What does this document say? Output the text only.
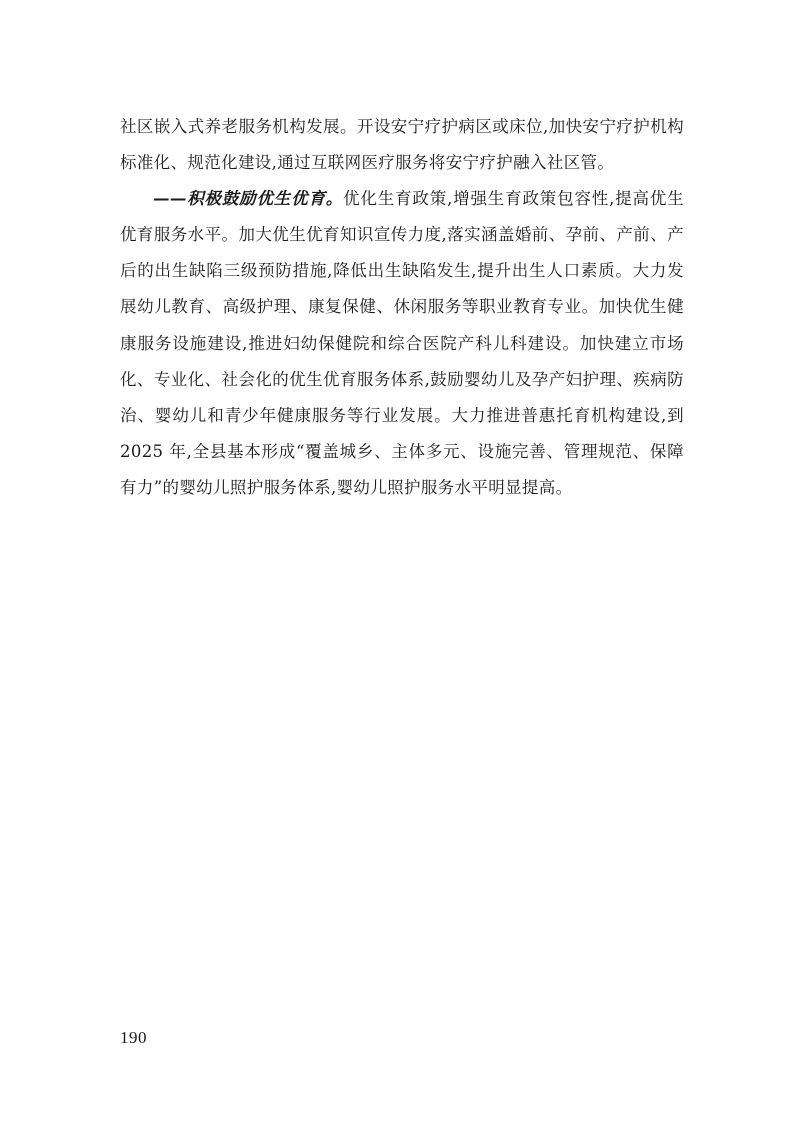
社区嵌入式养老服务机构发展。开设安宁疗护病区或床位,加快安宁疗护机构标准化、规范化建设,通过互联网医疗服务将安宁疗护融入社区管。

——积极鼓励优生优育。优化生育政策,增强生育政策包容性,提高优生优育服务水平。加大优生优育知识宣传力度,落实涵盖婚前、孕前、产前、产后的出生缺陷三级预防措施,降低出生缺陷发生,提升出生人口素质。大力发展幼儿教育、高级护理、康复保健、休闲服务等职业教育专业。加快优生健康服务设施建设,推进妇幼保健院和综合医院产科儿科建设。加快建立市场化、专业化、社会化的优生优育服务体系,鼓励婴幼儿及孕产妇护理、疾病防治、婴幼儿和青少年健康服务等行业发展。大力推进普惠托育机构建设,到 2025 年,全县基本形成“覆盖城乡、主体多元、设施完善、管理规范、保障有力”的婴幼儿照护服务体系,婴幼儿照护服务水平明显提高。

190
